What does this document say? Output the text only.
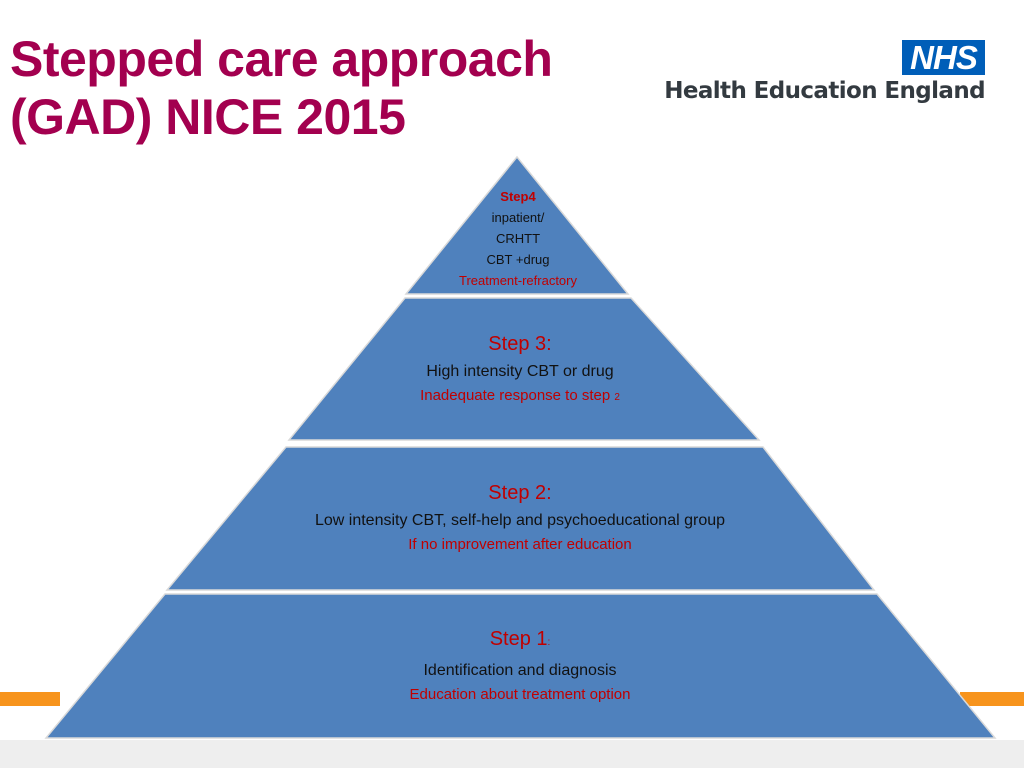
Stepped care approach
(GAD) NICE 2015
NHS
Health Education England
Step4
inpatient/
CRHTT
CBT +drug
Treatment-refractory
Step 3:
High intensity CBT or drug
Inadequate response to step 2
Step 2:
Low intensity CBT, self-help and psychoeducational group
If no improvement after education
Step 1:
Identification and diagnosis
Education about treatment option
